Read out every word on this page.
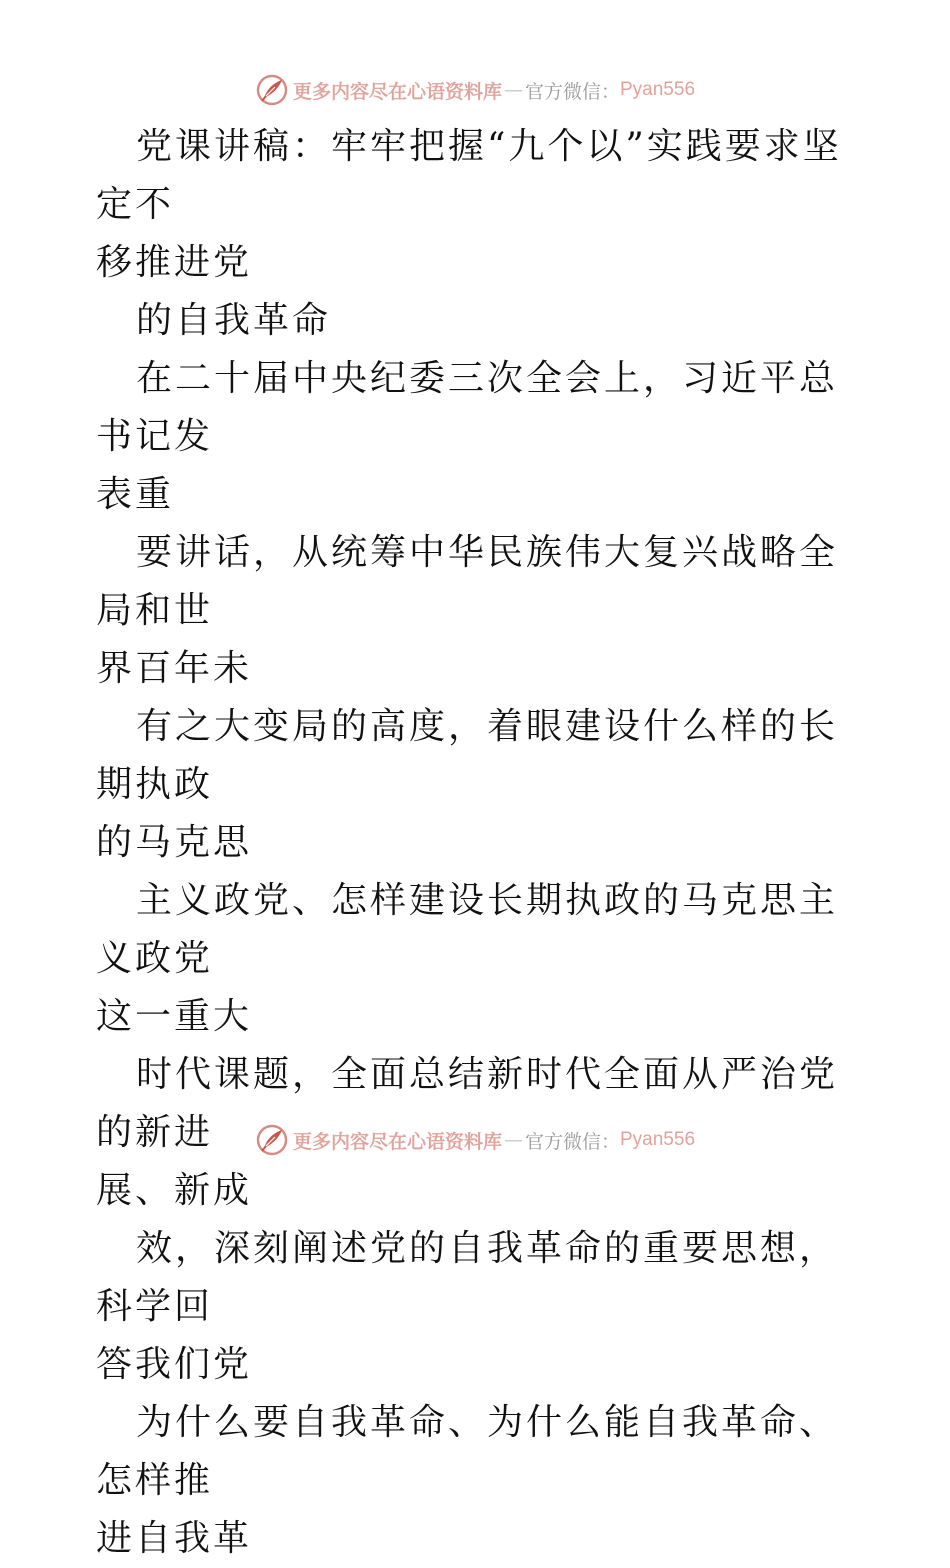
更多内容尽在心语资料库 — 官方微信： Pyan556

党课讲稿：牢牢把握“九个以”实践要求坚定不

移推进党

的自我革命

在二十届中央纪委三次全会上，习近平总书记发

表重

要讲话，从统筹中华民族伟大复兴战略全局和世

界百年未

有之大变局的高度，着眼建设什么样的长期执政

的马克思

主义政党、怎样建设长期执政的马克思主义政党

这一重大

时代课题，全面总结新时代全面从严治党的新进

展、新成

效，深刻阐述党的自我革命的重要思想，科学回

答我们党

为什么要自我革命、为什么能自我革命、怎样推

进自我革

更多内容尽在心语资料库 — 官方微信： Pyan556
